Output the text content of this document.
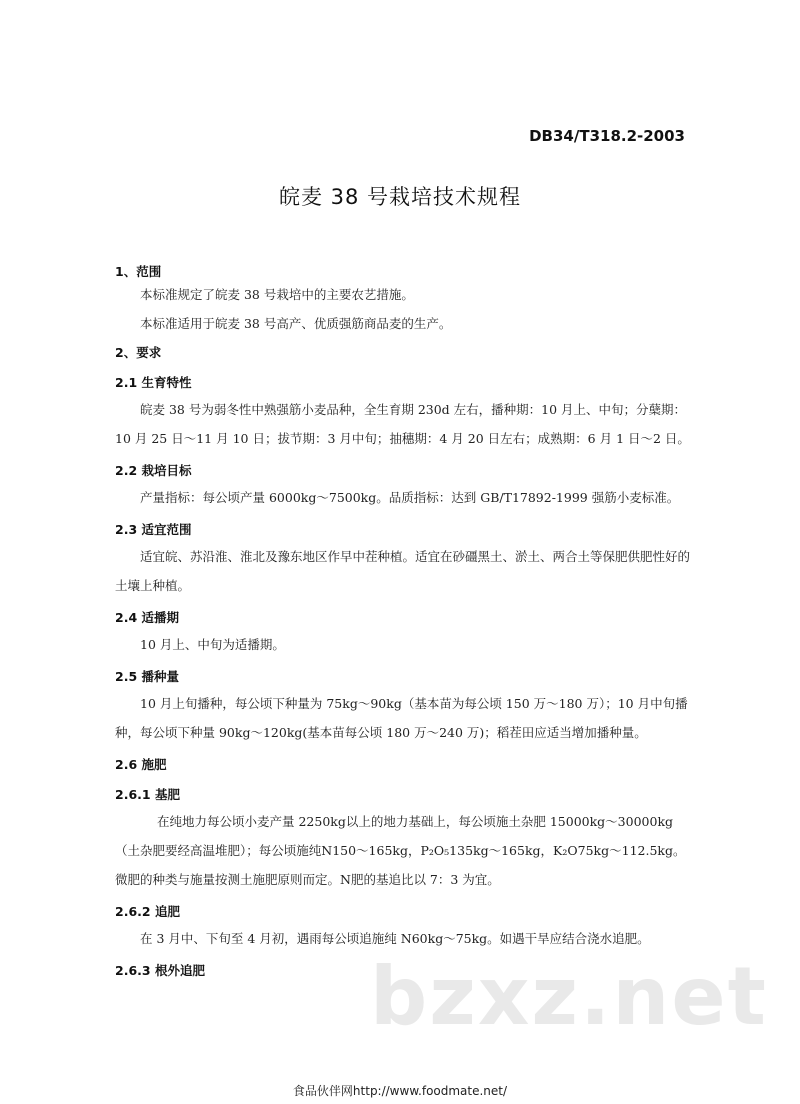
DB34/T318.2-2003
皖麦 38 号栽培技术规程

1、范围

本标准规定了皖麦 38 号栽培中的主要农艺措施。

本标准适用于皖麦 38 号高产、优质强筋商品麦的生产。

2、要求

2.1 生育特性

皖麦 38 号为弱冬性中熟强筋小麦品种，全生育期 230d 左右，播种期：10 月上、中旬；分蘖期：10 月 25 日～11 月 10 日；拔节期：3 月中旬；抽穗期：4 月 20 日左右；成熟期：6 月 1 日～2 日。

2.2 栽培目标

产量指标：每公顷产量 6000kg～7500kg。品质指标：达到 GB/T17892-1999 强筋小麦标准。

2.3 适宜范围

适宜皖、苏沿淮、淮北及豫东地区作早中茬种植。适宜在砂礓黑土、淤土、两合土等保肥供肥性好的土壤上种植。

2.4 适播期

10 月上、中旬为适播期。

2.5 播种量

10 月上旬播种，每公顷下种量为 75kg～90kg（基本苗为每公顷 150 万～180 万）；10 月中旬播种，每公顷下种量 90kg～120kg(基本苗每公顷 180 万～240 万)；稻茬田应适当增加播种量。

2.6 施肥

2.6.1 基肥

在纯地力每公顷小麦产量 2250kg以上的地力基础上，每公顷施土杂肥 15000kg～30000kg（土杂肥要经高温堆肥）；每公顷施纯N150～165kg，P₂O₅135kg～165kg，K₂O75kg～112.5kg。微肥的种类与施量按测土施肥原则而定。N肥的基追比以 7：3 为宜。

2.6.2 追肥

在 3 月中、下旬至 4 月初，遇雨每公顷追施纯 N60kg～75kg。如遇干旱应结合浇水追肥。

2.6.3 根外追肥	bzxz.net
食品伙伴网http://www.foodmate.net/
